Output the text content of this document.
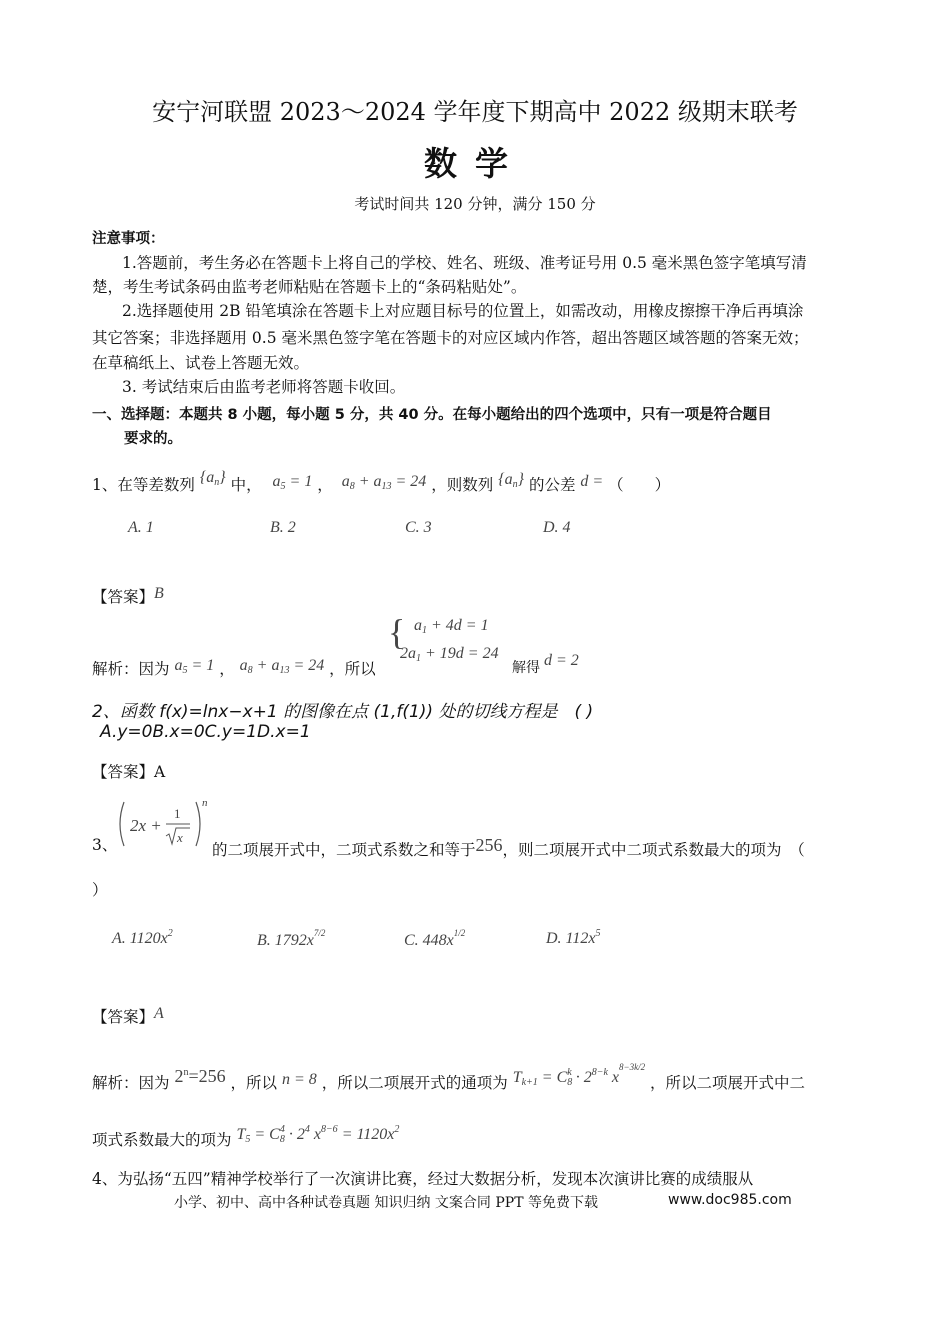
安宁河联盟 2023～2024 学年度下期高中 2022 级期末联考
数学
考试时间共 120 分钟，满分 150 分
注意事项：
1.答题前，考生务必在答题卡上将自己的学校、姓名、班级、准考证号用 0.5 毫米黑色签字笔填写清
楚，考生考试条码由监考老师粘贴在答题卡上的“条码粘贴处”。
2.选择题使用 2B 铅笔填涂在答题卡上对应题目标号的位置上，如需改动，用橡皮擦擦干净后再填涂
其它答案；非选择题用 0.5 毫米黑色签字笔在答题卡的对应区域内作答，超出答题区域答题的答案无效；
在草稿纸上、试卷上答题无效。
3. 考试结束后由监考老师将答题卡收回。
一、选择题：本题共 8 小题，每小题 5 分，共 40 分。在每小题给出的四个选项中，只有一项是符合题目
要求的。
1、在等差数列 $\{a_n\}$ 中， $a_5 = 1$ ， $a_8 + a_{13} = 24$ ，则数列 $\{a_n\}$ 的公差 d = （　　）
A. 1	B. 2	C. 3	D. 4
【答案】B
解析：因为 $a_5 = 1$ ， $a_8 + a_{13} = 24$ ，所以
{ $a_1 + 4d = 1$
$2a_1 + 19d = 24$
解得 d = 2
2、函数 f(x)=lnx−x+1 的图像在点 (1,f(1)) 处的切线方程是　( )
A.y=0B.x=0C.y=1D.x=1
【答案】A
3、
2x +
1
x
n
的二项展开式中，二项式系数之和等于256，则二项展开式中二项式系数最大的项为　（
）
A. $1120x^2$	B. $1792x^{7/2}$	C. $448x^{1/2}$	D. $112x^5$
【答案】A
解析：因为 $2^n=256$ ，所以 n = 8 ，所以二项展开式的通项为 $T_{k+1} = C_8^k \cdot 2^{8-k}$ $x^{8-3k/2}$ ，所以二项展开式中二
项式系数最大的项为 $T_5 = C_8^4 \cdot 2^4$ $x^{8-6} = 1120x^2$
4、为弘扬“五四”精神学校举行了一次演讲比赛，经过大数据分析，发现本次演讲比赛的成绩服从
小学、初中、高中各种试卷真题 知识归纳 文案合同 PPT 等免费下载	www.doc985.com
